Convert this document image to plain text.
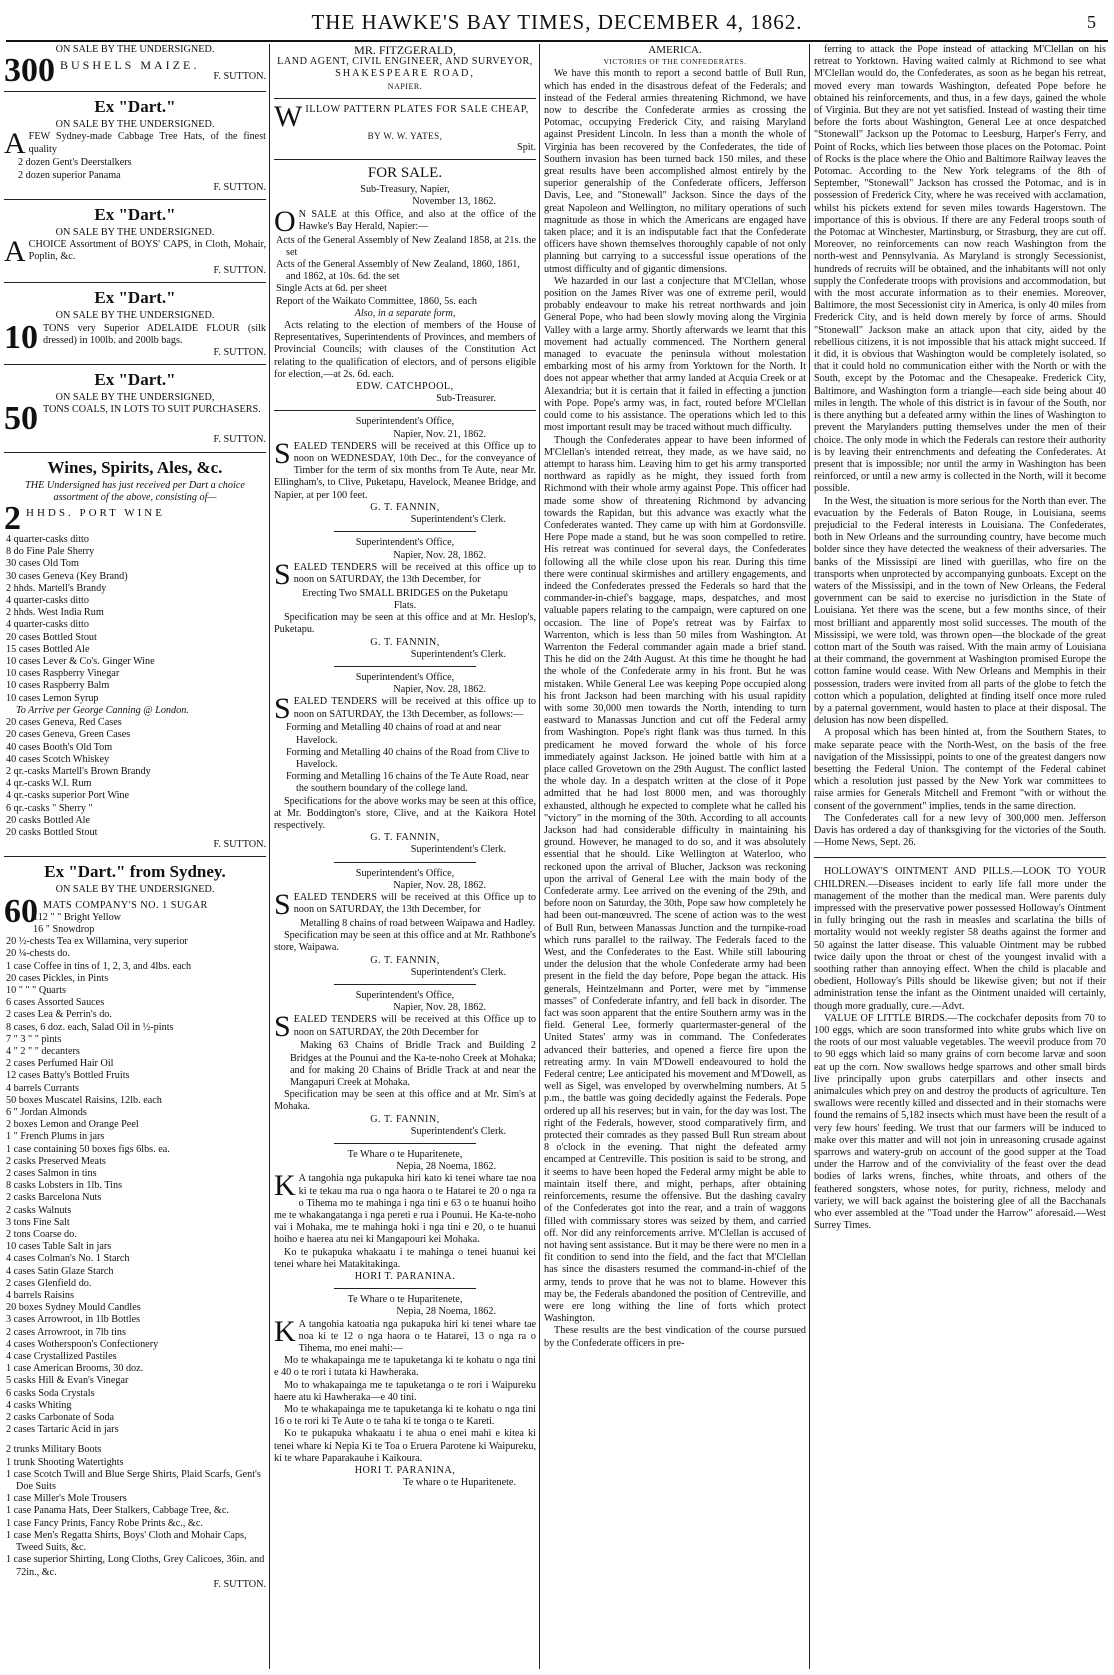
THE HAWKE'S BAY TIMES, DECEMBER 4, 1862.	5

ON SALE BY THE UNDERSIGNED.

300 BUSHELS MAIZE.

F. SUTTON.

Ex "Dart."

ON SALE BY THE UNDERSIGNED.

A FEW Sydney-made Cabbage Tree Hats, of the finest quality

2 dozen Gent's Deerstalkers

2 dozen superior Panama

F. SUTTON.

Ex "Dart."

ON SALE BY THE UNDERSIGNED.

A CHOICE Assortment of BOYS' CAPS, in Cloth, Mohair, Poplin, &c.

F. SUTTON.

Ex "Dart."

ON SALE BY THE UNDERSIGNED.

10 TONS very Superior ADELAIDE FLOUR (silk dressed) in 100lb. and 200lb bags.

F. SUTTON.

Ex "Dart."

ON SALE BY THE UNDERSIGNED,

50 TONS COALS, IN LOTS TO SUIT PURCHASERS.

F. SUTTON.

Wines, Spirits, Ales, &c.

THE Undersigned has just received per Dart a choice assortment of the above, consisting of—

2 HHDS. PORT WINE

4 quarter-casks ditto

8 do Fine Pale Sherry

30 cases Old Tom

30 cases Geneva (Key Brand)

2 hhds. Martell's Brandy

4 quarter-casks ditto

2 hhds. West India Rum

4 quarter-casks ditto

20 cases Bottled Stout

15 cases Bottled Ale

10 cases Lever & Co's. Ginger Wine

10 cases Raspberry Vinegar

10 cases Raspberry Balm

10 cases Lemon Syrup

To Arrive per George Canning @ London.

20 cases Geneva, Red Cases

20 cases Geneva, Green Cases

40 cases Booth's Old Tom

40 cases Scotch Whiskey

2 qr.-casks Martell's Brown Brandy

4 qr.-casks W.I. Rum

4 qr.-casks superior Port Wine

6 qr.-casks " Sherry "

20 casks Bottled Ale

20 casks Bottled Stout

F. SUTTON.

Ex "Dart." from Sydney.

ON SALE BY THE UNDERSIGNED.

60 MATS COMPANY'S NO. 1 SUGAR

112 " " Bright Yellow

16 " Snowdrop

20 ½-chests Tea ex Willamina, very superior

20 ¼-chests do.

1 case Coffee in tins of 1, 2, 3, and 4lbs. each

20 cases Pickles, in Pints

10 " " " Quarts

6 cases Assorted Sauces

2 cases Lea & Perrin's do.

8 cases, 6 doz. each, Salad Oil in ½-pints

7 " 3 " " pints

4 " 2 " " decanters

2 cases Perfumed Hair Oil

12 cases Batty's Bottled Fruits

4 barrels Currants

50 boxes Muscatel Raisins, 12lb. each

6 " Jordan Almonds

2 boxes Lemon and Orange Peel

1 " French Plums in jars

1 case containing 50 boxes figs 6lbs. ea.

2 casks Preserved Meats

2 cases Salmon in tins

8 casks Lobsters in 1lb. Tins

2 casks Barcelona Nuts

2 casks Walnuts

3 tons Fine Salt

2 tons Coarse do.

10 cases Table Salt in jars

4 cases Colman's No. 1 Starch

4 cases Satin Glaze Starch

2 cases Glenfield do.

4 barrels Raisins

20 boxes Sydney Mould Candles

3 cases Arrowroot, in 1lb Bottles

2 cases Arrowroot, in 7lb tins

4 cases Wotherspoon's Confectionery

4 case Crystallized Pastiles

1 case American Brooms, 30 doz.

5 casks Hill & Evan's Vinegar

6 casks Soda Crystals

4 casks Whiting

2 casks Carbonate of Soda

2 cases Tartaric Acid in jars

2 trunks Military Boots

1 trunk Shooting Watertights

1 case Scotch Twill and Blue Serge Shirts, Plaid Scarfs, Gent's Doe Suits

1 case Miller's Mole Trousers

1 case Panama Hats, Deer Stalkers, Cabbage Tree, &c.

1 case Fancy Prints, Fancy Robe Prints &c., &c.

1 case Men's Regatta Shirts, Boys' Cloth and Mohair Caps, Tweed Suits, &c.

1 case superior Shirting, Long Cloths, Grey Calicoes, 36in. and 72in., &c.

F. SUTTON.

MR. FITZGERALD,

LAND AGENT, CIVIL ENGINEER, AND SURVEYOR,

SHAKESPEARE ROAD,

NAPIER.

W ILLOW PATTERN PLATES FOR SALE CHEAP,

BY W. W. YATES,

Spit.

FOR SALE.

Sub-Treasury, Napier,

November 13, 1862.

O N SALE at this Office, and also at the office of the Hawke's Bay Herald, Napier:—

Acts of the General Assembly of New Zealand 1858, at 21s. the set

Acts of the General Assembly of New Zealand, 1860, 1861, and 1862, at 10s. 6d. the set

Single Acts at 6d. per sheet

Report of the Waikato Committee, 1860, 5s. each

Also, in a separate form,

Acts relating to the election of members of the House of Representatives, Superintendents of Provinces, and members of Provincial Councils; with clauses of the Constitution Act relating to the qualification of electors, and of persons eligible for election,—at 2s. 6d. each.

EDW. CATCHPOOL,

Sub-Treasurer.

Superintendent's Office,

Napier, Nov. 21, 1862.

S EALED TENDERS will be received at this Office up to noon on WEDNESDAY, 10th Dec., for the conveyance of Timber for the term of six months from Te Aute, near Mr. Ellingham's, to Clive, Puketapu, Havelock, Meanee Bridge, and Napier, at per 100 feet.

G. T. FANNIN,

Superintendent's Clerk.

Superintendent's Office,

Napier, Nov. 28, 1862.

S EALED TENDERS will be received at this office up to noon on SATURDAY, the 13th December, for

Erecting Two SMALL BRIDGES on the Puketapu Flats.

Specification may be seen at this office and at Mr. Heslop's, Puketapu.

G. T. FANNIN,

Superintendent's Clerk.

Superintendent's Office,

Napier, Nov. 28, 1862.

S EALED TENDERS will be received at this office up to noon on SATURDAY, the 13th December, as follows:—

Forming and Metalling 40 chains of road at and near Havelock.

Forming and Metalling 40 chains of the Road from Clive to Havelock.

Forming and Metalling 16 chains of the Te Aute Road, near the southern boundary of the college land.

Specifications for the above works may be seen at this office, at Mr. Boddington's store, Clive, and at the Kaikora Hotel respectively.

G. T. FANNIN,

Superintendent's Clerk.

Superintendent's Office,

Napier, Nov. 28, 1862.

S EALED TENDERS will be received at this Office up to noon on SATURDAY, the 13th December, for

Metalling 8 chains of road between Waipawa and Hadley.

Specification may be seen at this office and at Mr. Rathbone's store, Waipawa.

G. T. FANNIN,

Superintendent's Clerk.

Superintendent's Office,

Napier, Nov. 28, 1862.

S EALED TENDERS will be received at this Office up to noon on SATURDAY, the 20th December for

Making 63 Chains of Bridle Track and Building 2 Bridges at the Pounui and the Ka-te-noho Creek at Mohaka; and for making 20 Chains of Bridle Track at and near the Mangapuri Creek at Mohaka.

Specification may be seen at this office and at Mr. Sim's at Mohaka.

G. T. FANNIN,

Superintendent's Clerk.

Te Whare o te Huparitenete,

Nepia, 28 Noema, 1862.

K A tangohia nga pukapuka hiri kato ki tenei whare tae noa ki te tekau ma rua o nga haora o te Hatarei te 20 o nga ra o Tihema mo te mahinga i nga tini e 63 o te huanui hoiho me te whakangatanga i nga pereti e rua i Pounui. He Ka-te-noho vai i Mohaka, me te mahinga hoki i nga tini e 20, o te huanui hoiho e haerea atu nei ki Mangapouri kei Mohaka.

Ko te pukapuka whakaatu i te mahinga o tenei huanui kei tenei whare hei Matakitakinga.

HORI T. PARANINA.

Te Whare o te Huparitenete,

Nepia, 28 Noema, 1862.

K A tangohia katoatia nga pukapuka hiri ki tenei whare tae noa ki te 12 o nga haora o te Hatarei, 13 o nga ra o Tihema, mo enei mahi:—

Mo te whakapainga me te tapuketanga ki te kohatu o nga tini e 40 o te rori i tutata ki Hawheraka.

Mo to whakapainga me te tapuketanga o te rori i Waipureku haere atu ki Hawheraka—e 40 tini.

Mo te whakapainga me te tapuketanga ki te kohatu o nga tini 16 o te rori ki Te Aute o te taha ki te tonga o te Kareti.

Ko te pukapuka whakaatu i te ahua o enei mahi e kitea ki tenei whare ki Nepia Ki te Toa o Eruera Parotene ki Waipureku, ki te whare Paparakauhe i Kaikoura.

HORI T. PARANINA,

Te whare o te Huparitenete.

AMERICA.

VICTORIES OF THE CONFEDERATES.

We have this month to report a second battle of Bull Run, which has ended in the disastrous defeat of the Federals; and instead of the Federal armies threatening Richmond, we have now to describe the Confederate armies as crossing the Potomac, occupying Frederick City, and raising Maryland against President Lincoln. In less than a month the whole of Virginia has been recovered by the Confederates, the tide of Southern invasion has been turned back 150 miles, and these great results have been accomplished almost entirely by the superior generalship of the Confederate officers, Jefferson Davis, Lee, and "Stonewall" Jackson. Since the days of the great Napoleon and Wellington, no military operations of such magnitude as those in which the Americans are engaged have taken place; and it is an indisputable fact that the Confederate officers have shown themselves thoroughly capable of not only planning but carrying to a successful issue operations of the utmost difficulty and of gigantic dimensions.

We hazarded in our last a conjecture that M'Clellan, whose position on the James River was one of extreme peril, would probably endeavour to make his retreat northwards and join General Pope, who had been slowly moving along the Virginia Valley with a large army. Shortly afterwards we learnt that this movement had actually commenced. The Northern general managed to evacuate the peninsula without molestation embarking most of his army from Yorktown for the North. It does not appear whether that army landed at Acquia Creek or at Alexandria; but it is certain that it failed in effecting a junction with Pope. Pope's army was, in fact, routed before M'Clellan could come to his assistance. The operations which led to this most important result may be traced without much difficulty.

Though the Confederates appear to have been informed of M'Clellan's intended retreat, they made, as we have said, no attempt to harass him. Leaving him to get his army transported northward as rapidly as he might, they issued forth from Richmond with their whole army against Pope. This officer had made some show of threatening Richmond by advancing towards the Rapidan, but this advance was exactly what the Confederates wanted. They came up with him at Gordonsville. Here Pope made a stand, but he was soon compelled to retire. His retreat was continued for several days, the Confederates following all the while close upon his rear. During this time there were continual skirmishes and artillery engagements, and indeed the Confederates pressed the Federals so hard that the commander-in-chief's baggage, maps, despatches, and most valuable papers relating to the campaign, were captured on one occasion. The line of Pope's retreat was by Fairfax to Warrenton, which is less than 50 miles from Washington. At Warrenton the Federal commander again made a brief stand. This he did on the 24th August. At this time he thought he had the whole of the Confederate army in his front. But he was mistaken. While General Lee was keeping Pope occupied along his front Jackson had been marching with his usual rapidity with some 30,000 men towards the North, intending to turn eastward to Manassas Junction and cut off the Federal army from Washington. Pope's right flank was thus turned. In this predicament he moved forward the whole of his force immediately against Jackson. He joined battle with him at a place called Grovetown on the 29th August. The conflict lasted the whole day. In a despatch written at the close of it Pope admitted that he had lost 8000 men, and was thoroughly exhausted, although he expected to complete what he called his "victory" in the morning of the 30th. According to all accounts Jackson had had considerable difficulty in maintaining his ground. However, he managed to do so, and it was absolutely essential that he should. Like Wellington at Waterloo, who reckoned upon the arrival of Blucher, Jackson was reckoning upon the arrival of General Lee with the main body of the Confederate army. Lee arrived on the evening of the 29th, and before noon on Saturday, the 30th, Pope saw how completely he had been out-manœuvred. The scene of action was to the west of Bull Run, between Manassas Junction and the turnpike-road which runs parallel to the railway. The Federals faced to the West, and the Confederates to the East. While still labouring under the delusion that the whole Confederate army had been present in the field the day before, Pope began the attack. His generals, Heintzelmann and Porter, were met by "immense masses" of Confederate infantry, and fell back in disorder. The fact was soon apparent that the entire Southern army was in the field. General Lee, formerly quartermaster-general of the United States' army was in command. The Confederates advanced their batteries, and opened a fierce fire upon the retreating army. In vain M'Dowell endeavoured to hold the Federal centre; Lee anticipated his movement and M'Dowell, as well as Sigel, was enveloped by overwhelming numbers. At 5 p.m., the battle was going decidedly against the Federals. Pope ordered up all his reserves; but in vain, for the day was lost. The right of the Federals, however, stood comparatively firm, and protected their comrades as they passed Bull Run stream about 8 o'clock in the evening. That night the defeated army encamped at Centreville. This position is said to be strong, and it seems to have been hoped the Federal army might be able to maintain itself there, and might, perhaps, after obtaining reinforcements, resume the offensive. But the dashing cavalry of the Confederates got into the rear, and a train of waggons filled with commissary stores was seized by them, and carried off. Nor did any reinforcements arrive. M'Clellan is accused of not having sent assistance. But it may be there were no men in a fit condition to send into the field, and the fact that M'Clellan has since the disasters resumed the command-in-chief of the army, tends to prove that he was not to blame. However this may be, the Federals abandoned the position of Centreville, and were ere long withing the line of forts which protect Washington.

These results are the best vindication of the course pursued by the Confederate officers in pre-

ferring to attack the Pope instead of attacking M'Clellan on his retreat to Yorktown. Having waited calmly at Richmond to see what M'Clellan would do, the Confederates, as soon as he began his retreat, moved every man towards Washington, defeated Pope before he obtained his reinforcements, and thus, in a few days, gained the whole of Virginia. But they are not yet satisfied. Instead of wasting their time before the forts about Washington, General Lee at once despatched "Stonewall" Jackson up the Potomac to Leesburg, Harper's Ferry, and Point of Rocks, which lies between those places on the Potomac. Point of Rocks is the place where the Ohio and Baltimore Railway leaves the Potomac. According to the New York telegrams of the 8th of September, "Stonewall" Jackson has crossed the Potomac, and is in possession of Frederick City, where he was received with acclamation, whilst his pickets extend for seven miles towards Hagerstown. The importance of this is obvious. If there are any Federal troops south of the Potomac at Winchester, Martinsburg, or Strasburg, they are cut off. Moreover, no reinforcements can now reach Washington from the north-west and Pennsylvania. As Maryland is strongly Secessionist, hundreds of recruits will be obtained, and the inhabitants will not only supply the Confederate troops with provisions and accommodation, but with the most accurate information as to their enemies. Moreover, Baltimore, the most Secessionist city in America, is only 40 miles from Frederick City, and is held down merely by force of arms. Should "Stonewall" Jackson make an attack upon that city, aided by the rebellious citizens, it is not impossible that his attack might succeed. If it did, it is obvious that Washington would be completely isolated, so that it could hold no communication either with the North or with the South, except by the Potomac and the Chesapeake. Frederick City, Baltimore, and Washington form a triangle—each side being about 40 miles in length. The whole of this district is in favour of the South, nor is there anything but a defeated army within the lines of Washington to prevent the Marylanders putting themselves under the men of their choice. The only mode in which the Federals can restore their authority is by leaving their entrenchments and defeating the Confederates. At present that is impossible; nor until the army in Washington has been reinforced, or until a new army is collected in the North, will it become possible.

In the West, the situation is more serious for the North than ever. The evacuation by the Federals of Baton Rouge, in Louisiana, seems prejudicial to the Federal interests in Louisiana. The Confederates, both in New Orleans and the surrounding country, have become much bolder since they have detected the weakness of their adversaries. The banks of the Mississipi are lined with guerillas, who fire on the transports when unprotected by accompanying gunboats. Except on the waters of the Mississipi, and in the town of New Orleans, the Federal government can be said to exercise no jurisdiction in the State of Louisiana. Yet there was the scene, but a few months since, of their most brilliant and apparently most solid successes. The mouth of the Mississipi, we were told, was thrown open—the blockade of the great cotton mart of the South was raised. With the main army of Louisiana at their command, the government at Washington promised Europe the cotton famine would cease. With New Orleans and Memphis in their possession, traders were invited from all parts of the globe to fetch the cotton which a population, delighted at finding itself once more ruled by a paternal government, would hasten to place at their disposal. The delusion has now been dispelled.

A proposal which has been hinted at, from the Southern States, to make separate peace with the North-West, on the basis of the free navigation of the Mississippi, points to one of the greatest dangers now besetting the Federal Union. The contempt of the Federal cabinet which a resolution just passed by the New York war committees to raise armies for Generals Mitchell and Fremont "with or without the consent of the government" implies, tends in the same direction.

The Confederates call for a new levy of 300,000 men. Jefferson Davis has ordered a day of thanksgiving for the victories of the South.—Home News, Sept. 26.

HOLLOWAY'S OINTMENT AND PILLS.—LOOK TO YOUR CHILDREN.—Diseases incident to early life fall more under the management of the mother than the medical man. Were parents duly impressed with the preservative power possessed Holloway's Ointment in fully bringing out the rash in measles and scarlatina the bills of mortality would not weekly register 58 deaths against the former and 50 against the latter disease. This valuable Ointment may be rubbed twice daily upon the throat or chest of the youngest invalid with a soothing rather than annoying effect. When the child is placable and obedient, Holloway's Pills should be likewise given; but not if their administration tense the infant as the Ointment unaided will certainly, though more gradually, cure.—Advt.

VALUE OF LITTLE BIRDS.—The cockchafer deposits from 70 to 100 eggs, which are soon transformed into white grubs which live on the roots of our most valuable vegetables. The weevil produce from 70 to 90 eggs which laid so many grains of corn become larvæ and soon eat up the corn. Now swallows hedge sparrows and other small birds live principally upon grubs caterpillars and other insects and animalcules which prey on and destroy the products of agriculture. Ten swallows were recently killed and dissected and in their stomachs were found the remains of 5,182 insects which must have been the result of a very few hours' feeding. We trust that our farmers will be induced to make over this matter and will not join in unreasoning crusade against sparrows and watery-grub on account of the good supper at the Toad under the Harrow and of the conviviality of the feast over the dead bodies of larks wrens, finches, white throats, and others of the feathered songsters, whose notes, for purity, richness, melody and variety, we will back against the boistering glee of all the Bacchanals who ever assembled at the "Toad under the Harrow" aforesaid.—West Surrey Times.
